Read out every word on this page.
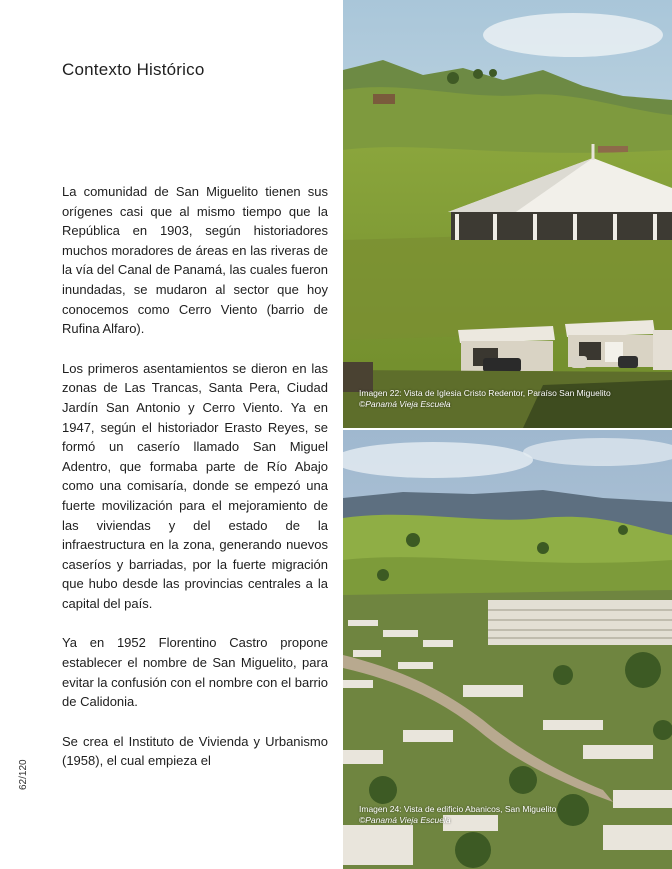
Contexto Histórico

La comunidad de San Miguelito tienen sus orígenes casi que al mismo tiempo que la República en 1903, según historiadores muchos moradores de áreas en las riveras de la vía del Canal de Panamá, las cuales fueron inundadas, se mudaron al sector que hoy conocemos como Cerro Viento (barrio de Rufina Alfaro).

Los primeros asentamientos se dieron en las zonas de Las Trancas, Santa Pera, Ciudad Jardín San Antonio y Cerro Viento. Ya en 1947, según el historiador Erasto Reyes, se formó un caserío llamado San Miguel Adentro, que formaba parte de Río Abajo como una comisaría, donde se empezó una fuerte movilización para el mejoramiento de las viviendas y del estado de la infraestructura en la zona, generando nuevos caseríos y barriadas, por la fuerte migración que hubo desde las provincias centrales a la capital del país.

Ya en 1952 Florentino Castro propone establecer el nombre de San Miguelito, para evitar la confusión con el nombre con el barrio de Calidonia.

Se crea el Instituto de Vivienda y Urbanismo (1958), el cual empieza el

62/120
Imagen 22: Vista de Iglesia Cristo Redentor, Paraíso San Miguelito ©Panamá Vieja Escuela
Imagen 24: Vista de edificio Abanicos, San Miguelito
©Panamá Vieja Escuela
